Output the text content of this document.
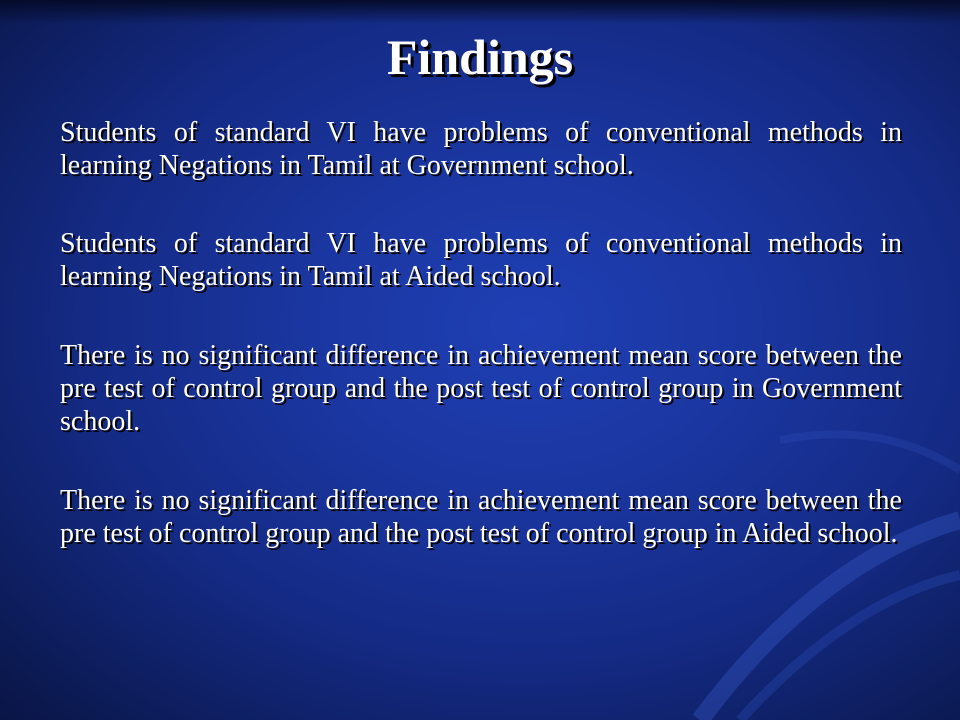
Findings

Students of standard VI have problems of conventional methods in learning Negations in Tamil at Government school.

Students of standard VI have problems of conventional methods in learning Negations in Tamil at Aided school.

There is no significant difference in achievement mean score between the pre test of control group and the post test of control group in Government school.

There is no significant difference in achievement mean score between the pre test of control group and the post test of control group in Aided school.
